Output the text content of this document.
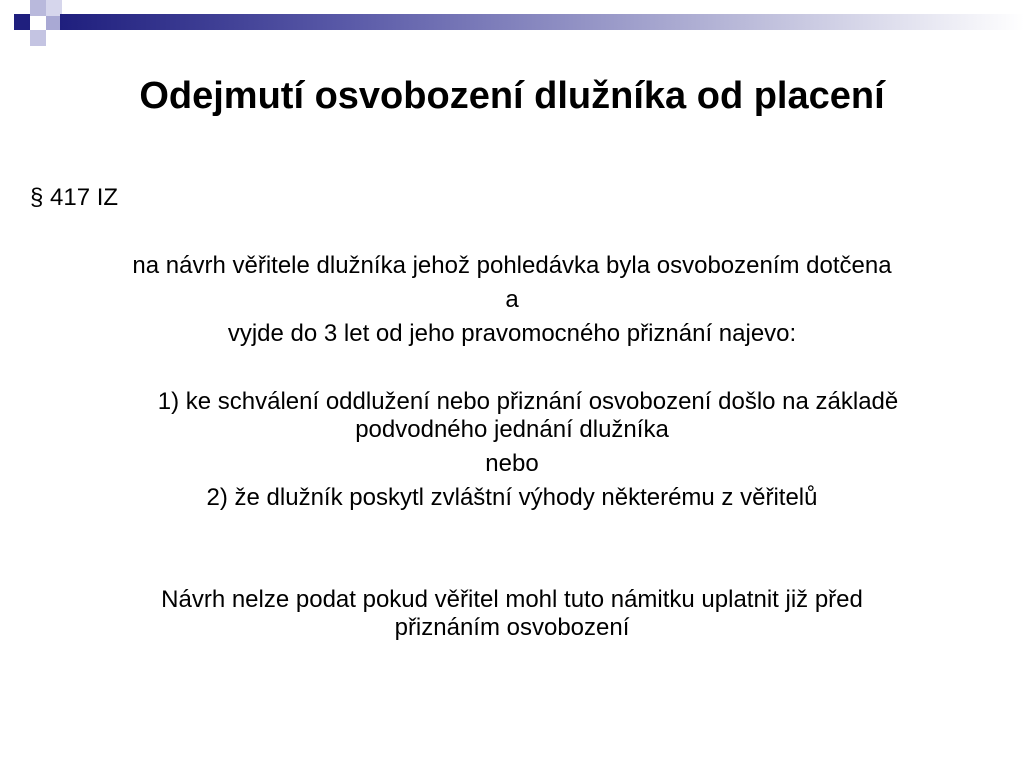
Odejmutí osvobození dlužníka od placení
§ 417 IZ
na návrh věřitele dlužníka jehož pohledávka byla osvobozením dotčena
a
vyjde do 3 let od jeho pravomocného přiznání najevo:
1) ke schválení oddlužení nebo přiznání osvobození došlo na základě
podvodného jednání dlužníka
nebo
2) že dlužník poskytl zvláštní výhody některému z věřitelů
Návrh nelze podat pokud věřitel mohl tuto námitku uplatnit již před
přiznáním osvobození
